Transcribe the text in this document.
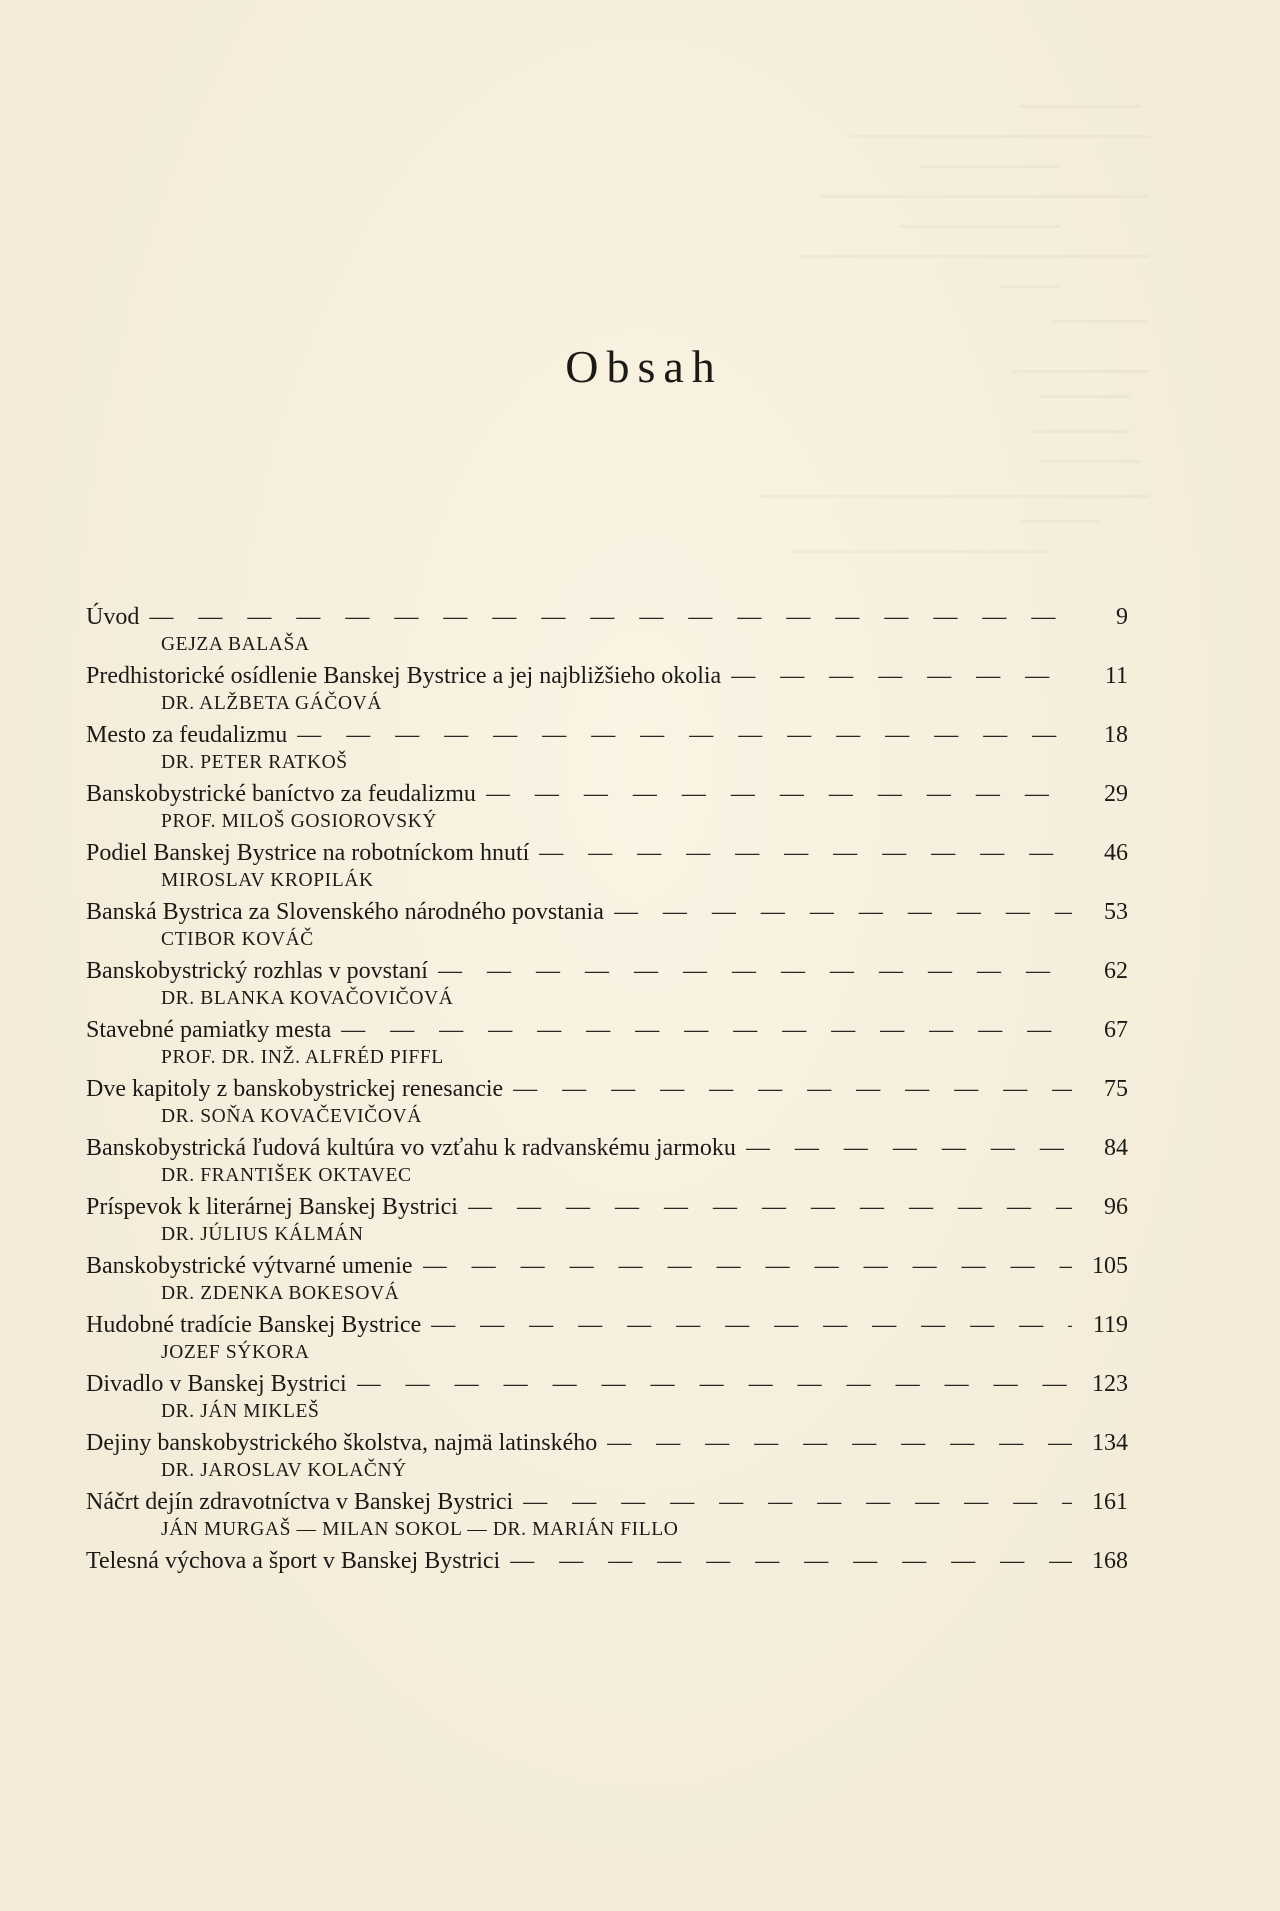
Obsah
Úvod — — —	9
GEJZA BALAŠA
Predhistorické osídlenie Banskej Bystrice a jej najbližšieho okolia — — —	11
DR. ALŽBETA GÁČOVÁ
Mesto za feudalizmu — — —	18
DR. PETER RATKOŠ
Banskobystrické baníctvo za feudalizmu — — —	29
PROF. MILOŠ GOSIOROVSKÝ
Podiel Banskej Bystrice na robotníckom hnutí — — —	46
MIROSLAV KROPILÁK
Banská Bystrica za Slovenského národného povstania — — —	53
CTIBOR KOVÁČ
Banskobystrický rozhlas v povstaní — — —	62
DR. BLANKA KOVAČOVIČOVÁ
Stavebné pamiatky mesta — — —	67
PROF. DR. INŽ. ALFRÉD PIFFL
Dve kapitoly z banskobystrickej renesancie — — —	75
DR. SOŇA KOVAČEVIČOVÁ
Banskobystrická ľudová kultúra vo vzťahu k radvanskému jarmoku — — —	84
DR. FRANTIŠEK OKTAVEC
Príspevok k literárnej Banskej Bystrici — — —	96
DR. JÚLIUS KÁLMÁN
Banskobystrické výtvarné umenie — — —	105
DR. ZDENKA BOKESOVÁ
Hudobné tradície Banskej Bystrice — — —	119
JOZEF SÝKORA
Divadlo v Banskej Bystrici — — —	123
DR. JÁN MIKLEŠ
Dejiny banskobystrického školstva, najmä latinského — — —	134
DR. JAROSLAV KOLAČNÝ
Náčrt dejín zdravotníctva v Banskej Bystrici — — —	161
JÁN MURGAŠ — MILAN SOKOL — DR. MARIÁN FILLO
Telesná výchova a šport v Banskej Bystrici — — —	168
